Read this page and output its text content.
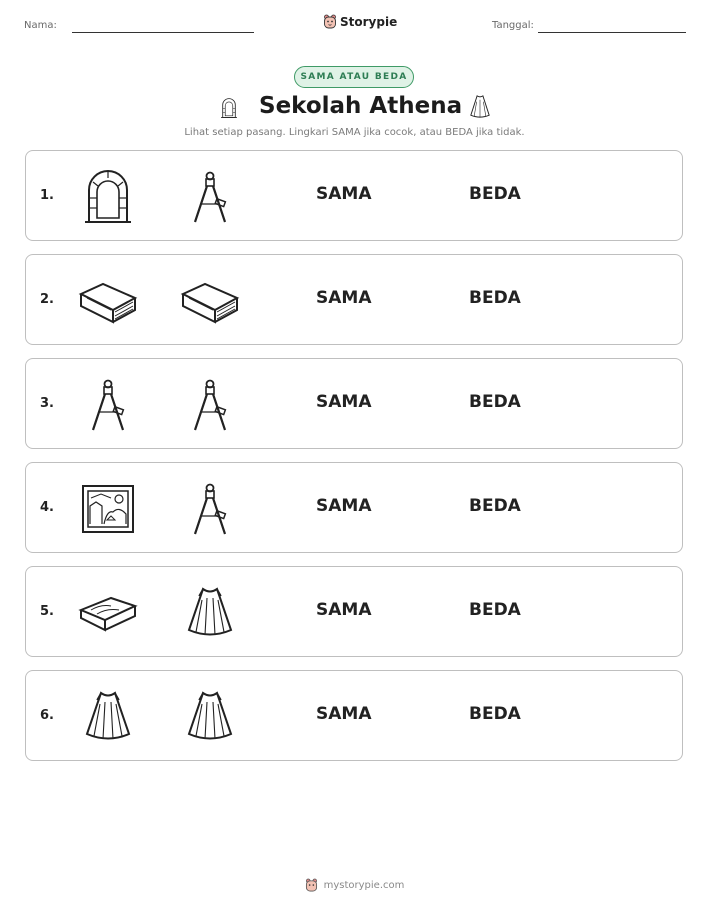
Nama:	Storypie	Tanggal:
SAMA ATAU BEDA
Sekolah Athena
Lihat setiap pasang. Lingkari SAMA jika cocok, atau BEDA jika tidak.
1.	SAMA	BEDA
2.	SAMA	BEDA
3.	SAMA	BEDA
4.	SAMA	BEDA
5.	SAMA	BEDA
6.	SAMA	BEDA
mystorypie.com
